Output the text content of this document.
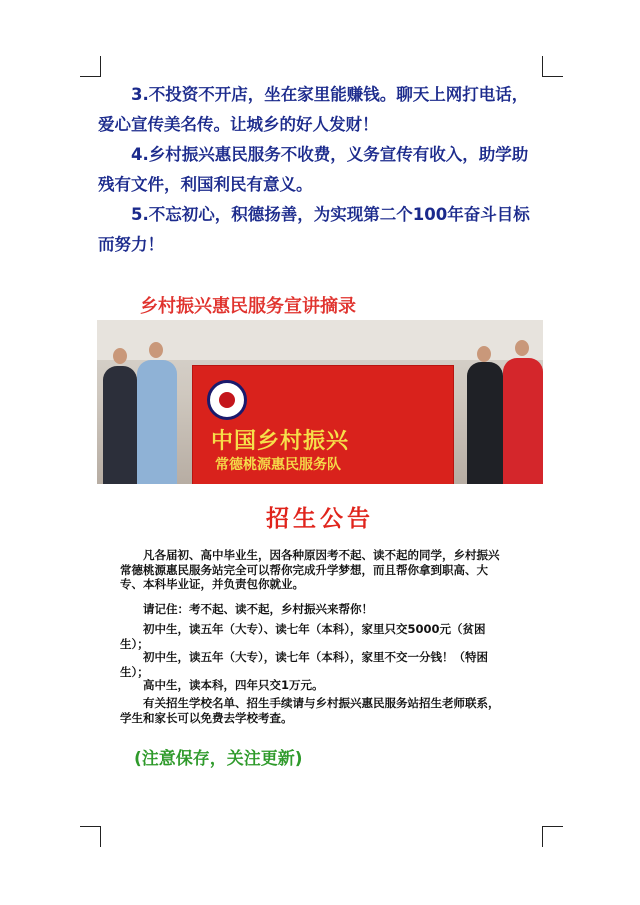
3.不投资不开店，坐在家里能赚钱。聊天上网打电话，爱心宣传美名传。让城乡的好人发财！

4.乡村振兴惠民服务不收费，义务宣传有收入，助学助残有文件，利国利民有意义。

5.不忘初心，积德扬善，为实现第二个100年奋斗目标而努力！

乡村振兴惠民服务宣讲摘录
中国乡村振兴
常德桃源惠民服务队
招生公告

凡各届初、高中毕业生，因各种原因考不起、读不起的同学，乡村振兴常德桃源惠民服务站完全可以帮你完成升学梦想，而且帮你拿到职高、大专、本科毕业证，并负责包你就业。

请记住：考不起、读不起，乡村振兴来帮你！

初中生，读五年（大专）、读七年（本科），家里只交5000元（贫困生）；

初中生，读五年（大专），读七年（本科），家里不交一分钱！（特困生）；

高中生，读本科，四年只交1万元。

有关招生学校名单、招生手续请与乡村振兴惠民服务站招生老师联系，学生和家长可以免费去学校考查。

(注意保存，关注更新)
